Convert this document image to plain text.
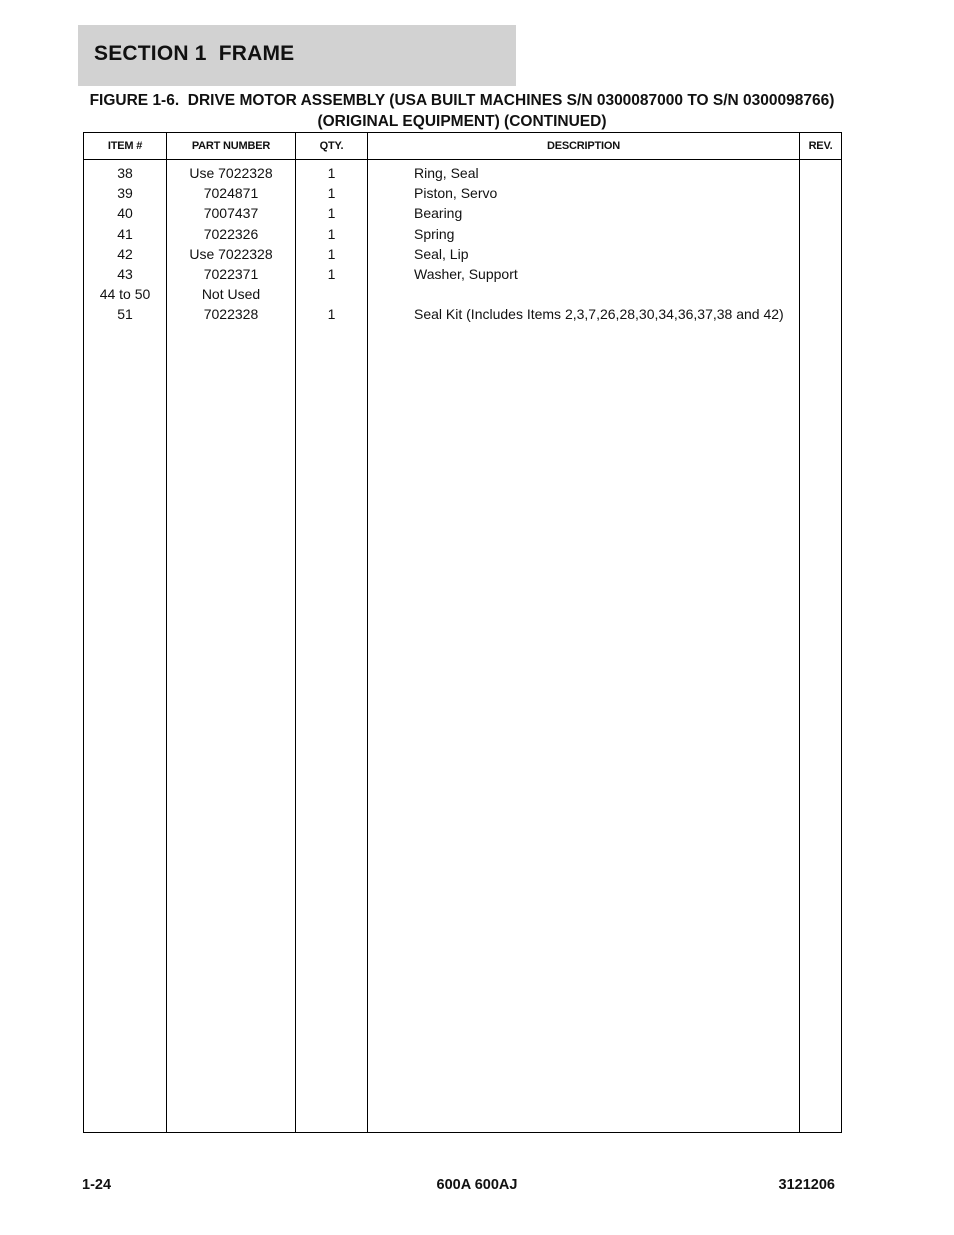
SECTION 1  FRAME
FIGURE 1-6.  DRIVE MOTOR ASSEMBLY (USA BUILT MACHINES S/N 0300087000 TO S/N 0300098766) (ORIGINAL EQUIPMENT) (CONTINUED)
ITEM #	PART NUMBER	QTY.	DESCRIPTION	REV.
38	Use 7022328	1	Ring, Seal	
39	7024871	1	Piston, Servo	
40	7007437	1	Bearing	
41	7022326	1	Spring	
42	Use 7022328	1	Seal, Lip	
43	7022371	1	Washer, Support	
44 to 50	Not Used			
51	7022328	1	Seal Kit (Includes Items 2,3,7,26,28,30,34,36,37,38 and 42)	

1-24	600A 600AJ	3121206
